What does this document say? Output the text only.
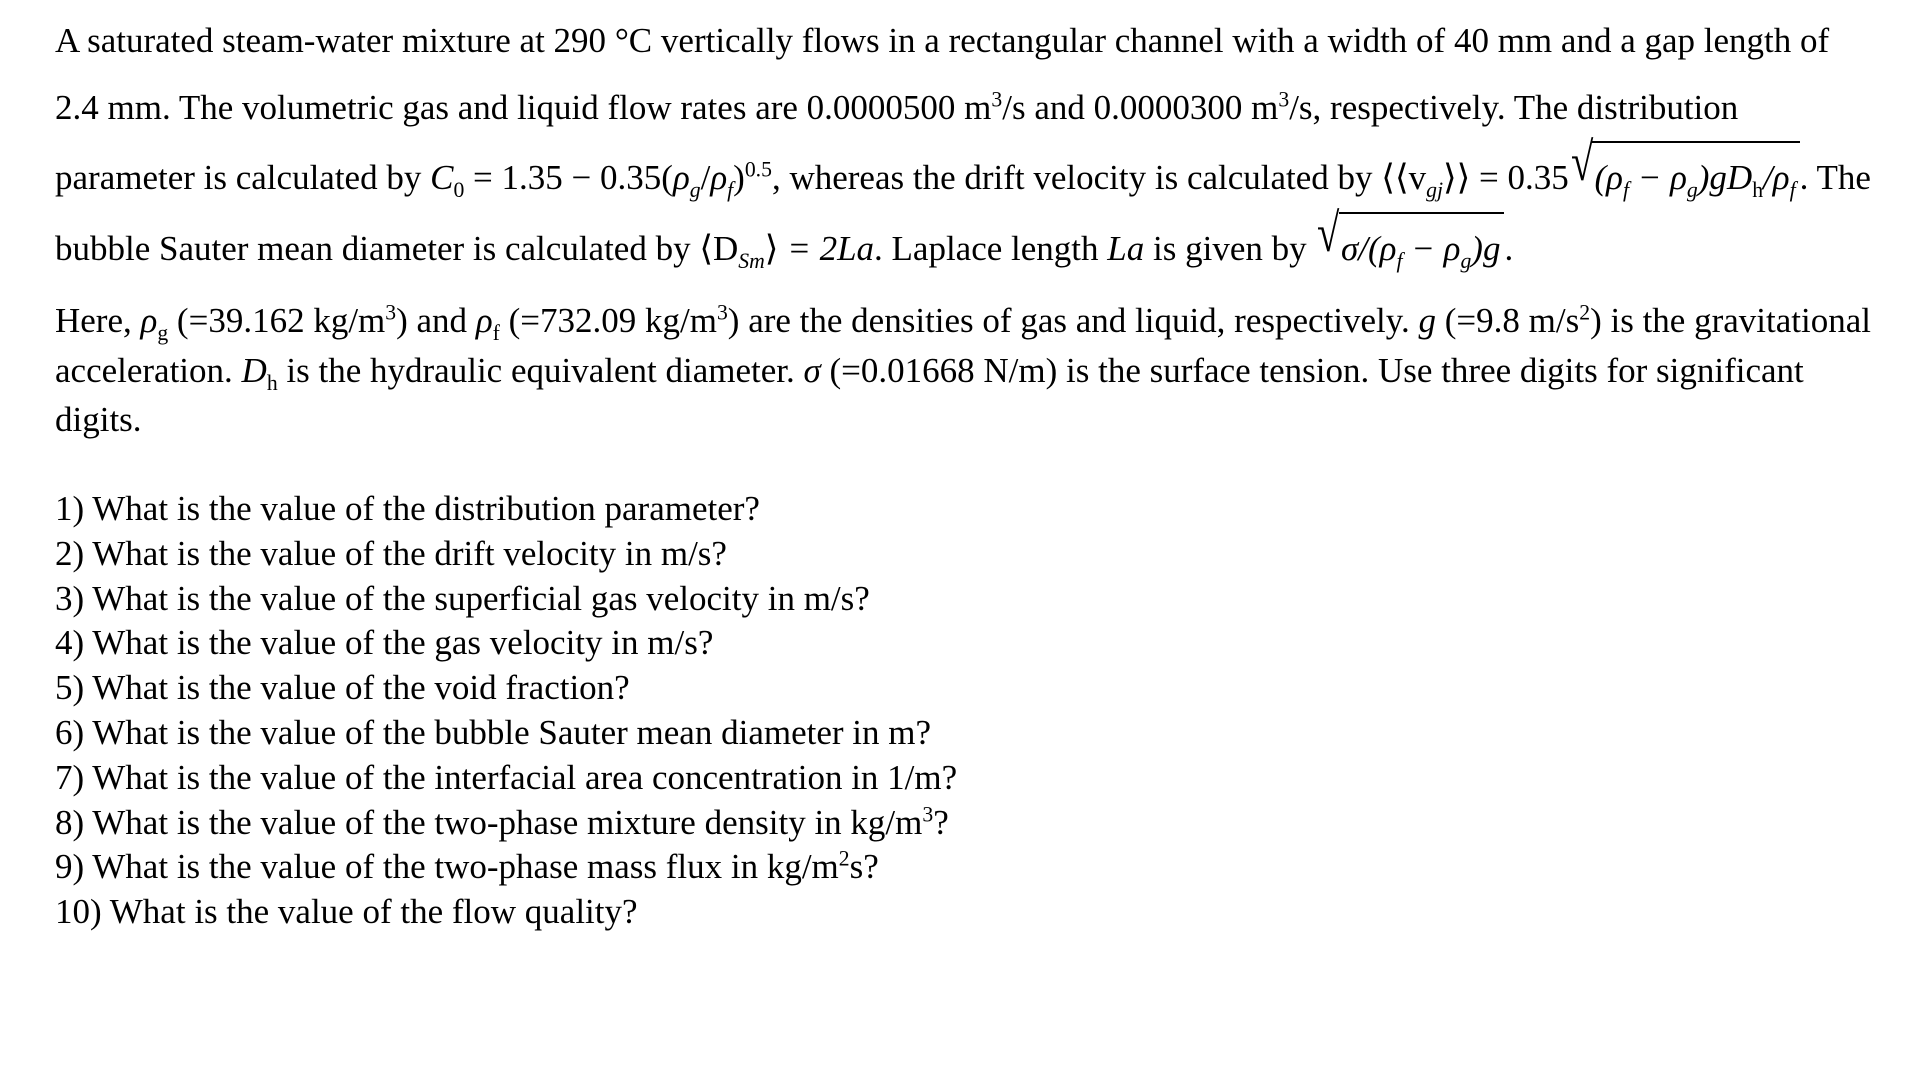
A saturated steam-water mixture at 290 °C vertically flows in a rectangular channel with a width of 40 mm and a gap length of 2.4 mm. The volumetric gas and liquid flow rates are 0.0000500 $m^3/s$ and 0.0000300 $m^3/s$, respectively. The distribution parameter is calculated by $C_0 = 1.35 - 0.35(\rho_g/\rho_f)^{0.5}$, whereas the drift velocity is calculated by $⟨⟨v_{gj}⟩⟩ = 0.35$ √ $(\rho_f - \rho_g)gD_h/\rho_f$ . The bubble Sauter mean diameter is calculated by $⟨D_{Sm}⟩ = 2La$. Laplace length La is given by √ $\sigma/(\rho_f - \rho_g)g$ .

Here, $\rho_g$ (=39.162 $kg/m^3$) and $\rho_f$ (=732.09 $kg/m^3$) are the densities of gas and liquid, respectively. g (=9.8 $m/s^2$) is the gravitational acceleration. $D_h$ is the hydraulic equivalent diameter. σ (=0.01668 N/m) is the surface tension. Use three digits for significant digits.

1) What is the value of the distribution parameter?
2) What is the value of the drift velocity in m/s?
3) What is the value of the superficial gas velocity in m/s?
4) What is the value of the gas velocity in m/s?
5) What is the value of the void fraction?
6) What is the value of the bubble Sauter mean diameter in m?
7) What is the value of the interfacial area concentration in 1/m?
8) What is the value of the two-phase mixture density in $kg/m^3$?
9) What is the value of the two-phase mass flux in $kg/m^2s$?
10) What is the value of the flow quality?
